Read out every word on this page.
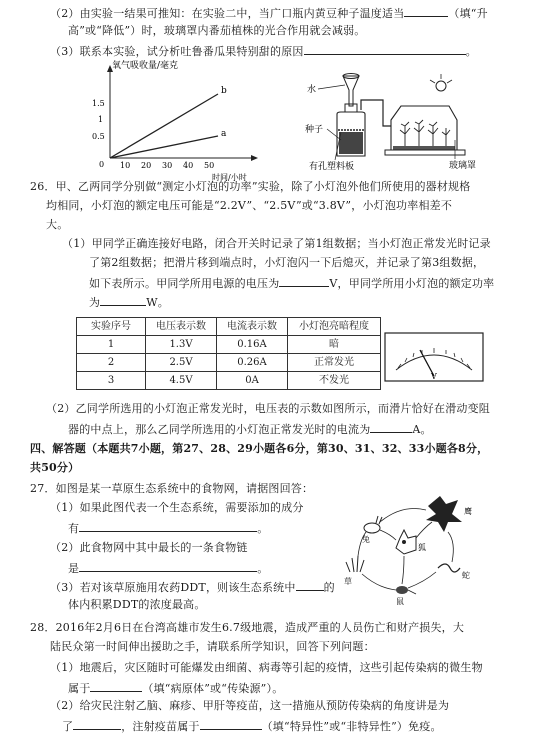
（2）由实验一结果可推知：在实验二中，当广口瓶内黄豆种子温度适当	（填“升
高”或“降低”）时，玻璃罩内番茄植株的光合作用就会减弱。
（3）联系本实验，试分析吐鲁番瓜果特别甜的原因	。
氧气吸收量/毫克
0
1.5
1
0.5
10 20 30 40 50
b
a
时间/小时
水
种子
有孔塑料板	玻璃罩
26．甲、乙两同学分别做“测定小灯泡的功率”实验，除了小灯泡外他们所使用的器材规格
均相同，小灯泡的额定电压可能是“2.2V”、“2.5V”或“3.8V”，小灯泡功率相差不
大。
（1）甲同学正确连接好电路，闭合开关时记录了第1组数据；当小灯泡正常发光时记录
了第2组数据；把滑片移到端点时，小灯泡闪一下后熄灭，并记录了第3组数据，
如下表所示。甲同学所用电源的电压为	V，甲同学所用小灯泡的额定功率
为	W。
实验序号	电压表示数	电流表示数	小灯泡亮暗程度
1	1.3V	0.16A	暗
2	2.5V	0.26A	正常发光
3	4.5V	0A	不发光	V
（2）乙同学所选用的小灯泡正常发光时，电压表的示数如图所示，而滑片恰好在滑动变阻
器的中点上，那么乙同学所选用的小灯泡正常发光时的电流为	A。
四、解答题（本题共7小题，第27、28、29小题各6分，第30、31、32、33小题各8分，
共50分）
27．如图是某一草原生态系统中的食物网，请据图回答：
（1）如果此图代表一个生态系统，需要添加的成分
有	。
（2）此食物网中其中最长的一条食物链
是	。
（3）若对该草原施用农药DDT，则该生态系统中	的
体内积累DDT的浓度最高。
草
兔
鼠
蛇
狐
鹰
28．2016年2月6日在台湾高雄市发生6.7级地震，造成严重的人员伤亡和财产损失，大
陆民众第一时间伸出援助之手，请联系所学知识，回答下列问题：
（1）地震后，灾区随时可能爆发由细菌、病毒等引起的疫情，这些引起传染病的微生物
属于	（填“病原体”或“传染源”）。
（2）给灾民注射乙脑、麻疹、甲肝等疫苗，这一措施从预防传染病的角度讲是为
了	，注射疫苗属于	（填“特异性”或“非特异性”）免疫。
